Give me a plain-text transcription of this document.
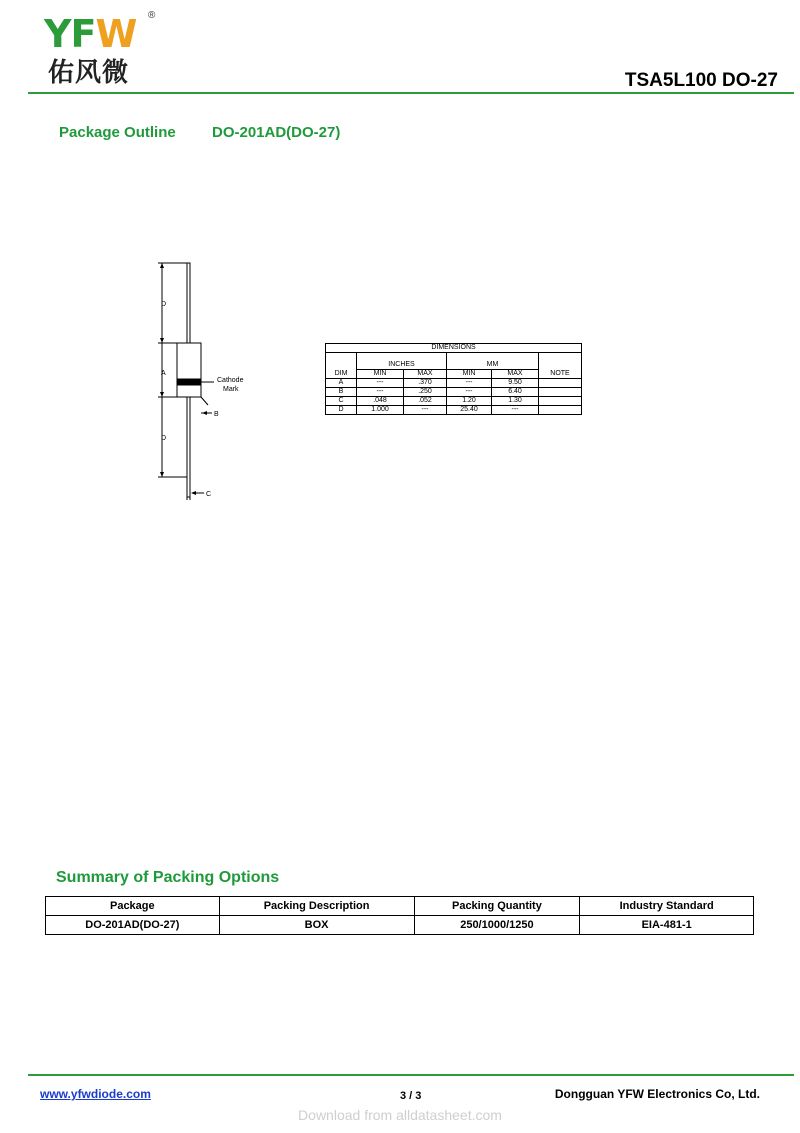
YFW ®
佑风微	TSA5L100 DO-27
Package Outline DO-201AD(DO-27)
D
A
D
B
C
Cathode
Mark
DIMENSIONS					
DIM	INCHES		MM		NOTE
	MIN	MAX	MIN	MAX	
A	---	.370	---	9.50	
B	---	.250	---	6.40	
C	.048	.052	1.20	1.30	
D	1.000	---	25.40	---	
Summary of Packing Options
Package	Packing Description	Packing Quantity	Industry Standard
DO-201AD(DO-27)	BOX	250/1000/1250	EIA-481-1
www.yfwdiode.com	3 / 3	Dongguan YFW Electronics Co, Ltd.
Download from alldatasheet.com
